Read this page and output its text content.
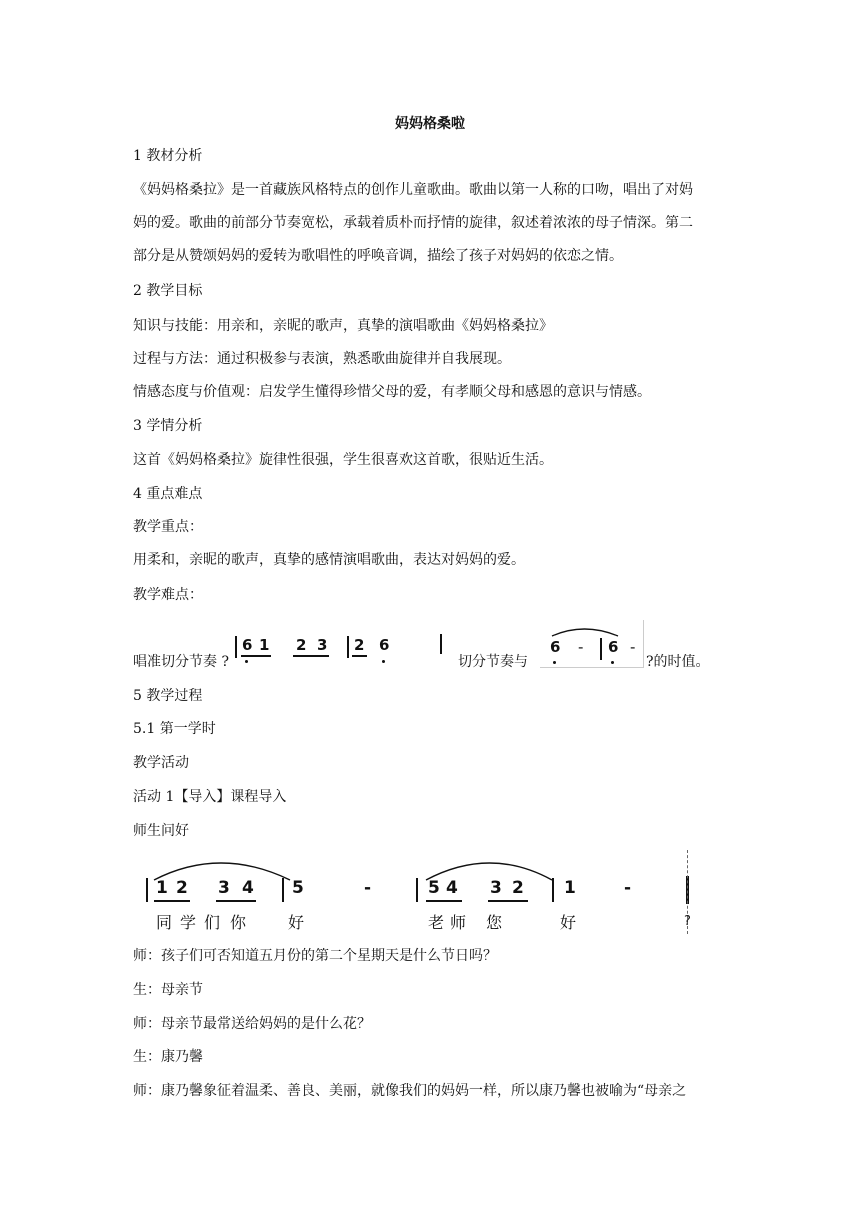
妈妈格桑啦
1 教材分析
《妈妈格桑拉》是一首藏族风格特点的创作儿童歌曲。歌曲以第一人称的口吻，唱出了对妈
妈的爱。歌曲的前部分节奏宽松，承载着质朴而抒情的旋律，叙述着浓浓的母子情深。第二
部分是从赞颂妈妈的爱转为歌唱性的呼唤音调，描绘了孩子对妈妈的依恋之情。
2 教学目标
知识与技能：用亲和，亲昵的歌声，真挚的演唱歌曲《妈妈格桑拉》
过程与方法：通过积极参与表演，熟悉歌曲旋律并自我展现。
情感态度与价值观：启发学生懂得珍惜父母的爱，有孝顺父母和感恩的意识与情感。
3 学情分析
这首《妈妈格桑拉》旋律性很强，学生很喜欢这首歌，很贴近生活。
4 重点难点
教学重点：
用柔和，亲昵的歌声，真挚的感情演唱歌曲，表达对妈妈的爱。
教学难点：
唱准切分节奏 ?
6 1 2 3 2 6
切分节奏与
6 - 6 -
?的时值。
5 教学过程
5.1 第一学时
教学活动
活动 1【导入】课程导入
师生问好
1 2 3 4 5	-	5 4 3 2 1	-
同 学 们 你	好	老 师 您	好	?
师：孩子们可否知道五月份的第二个星期天是什么节日吗？
生：母亲节
师：母亲节最常送给妈妈的是什么花？
生：康乃馨
师：康乃馨象征着温柔、善良、美丽，就像我们的妈妈一样，所以康乃馨也被喻为“母亲之
